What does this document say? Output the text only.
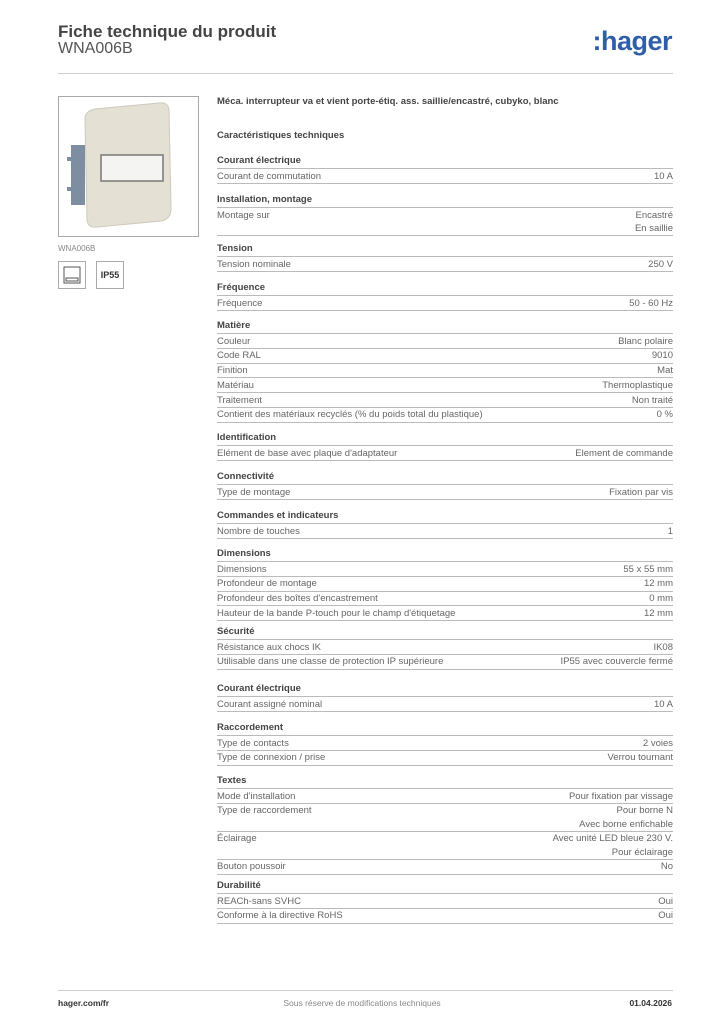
Fiche technique du produit
WNA006B	:hager
WNA006B
IP55
Méca. interrupteur va et vient porte-étiq. ass. saillie/encastré, cubyko, blanc
Caractéristiques techniques
Courant électrique
Courant de commutation	10 A
Installation, montage
Montage sur	Encastré
En saillie
Tension
Tension nominale	250 V
Fréquence
Fréquence	50 - 60 Hz
Matière
Couleur	Blanc polaire
Code RAL	9010
Finition	Mat
Matériau	Thermoplastique
Traitement	Non traité
Contient des matériaux recyclés (% du poids total du plastique)	0 %
Identification
Elément de base avec plaque d'adaptateur	Element de commande
Connectivité
Type de montage	Fixation par vis
Commandes et indicateurs
Nombre de touches	1
Dimensions
Dimensions	55 x 55 mm
Profondeur de montage	12 mm
Profondeur des boîtes d'encastrement	0 mm
Hauteur de la bande P-touch pour le champ d'étiquetage	12 mm
Sécurité
Résistance aux chocs IK	IK08
Utilisable dans une classe de protection IP supérieure	IP55 avec couvercle fermé
Courant électrique
Courant assigné nominal	10 A
Raccordement
Type de contacts	2 voies
Type de connexion / prise	Verrou tournant
Textes
Mode d'installation	Pour fixation par vissage
Type de raccordement	Pour borne N
Avec borne enfichable
Éclairage	Avec unité LED bleue 230 V.
Pour éclairage
Bouton poussoir	No
Durabilité
REACh-sans SVHC	Oui
Conforme à la directive RoHS	Oui
hager.com/fr	Sous réserve de modifications techniques	01.04.2026
